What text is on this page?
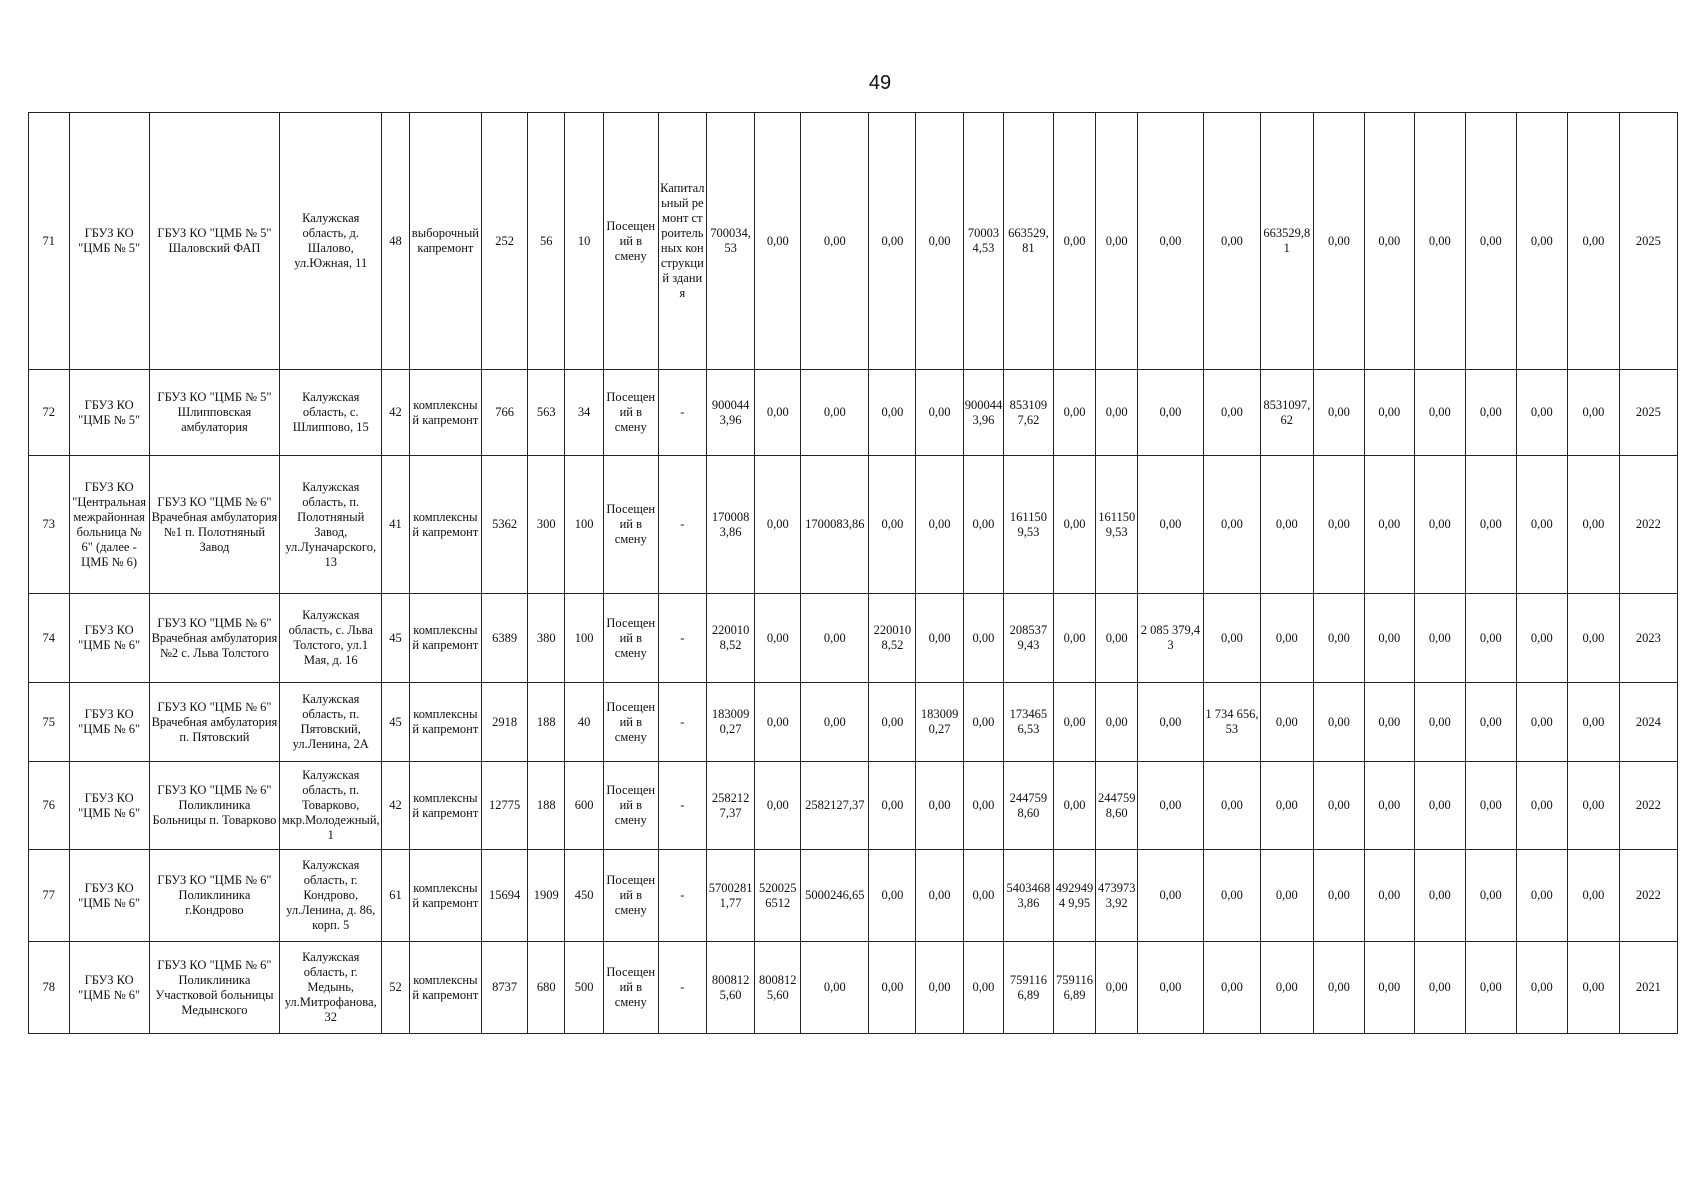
49
71	ГБУЗ КО "ЦМБ № 5"	ГБУЗ КО "ЦМБ № 5" Шаловский ФАП	Калужская область, д. Шалово, ул.Южная, 11	48	выборочный капремонт	252	56	10	Посещений в смену	Капитальный ремонт строительных конструкций здания	700034,53	0,00	0,00	0,00	0,00	700034,53	663529,81	0,00	0,00	0,00	0,00	663529,81	0,00	0,00	0,00	0,00	0,00	0,00	2025
72	ГБУЗ КО "ЦМБ № 5"	ГБУЗ КО "ЦМБ № 5" Шлипповская амбулатория	Калужская область, с. Шлиппово, 15	42	комплексный капремонт	766	563	34	Посещений в смену	-	9000443,96	0,00	0,00	0,00	0,00	9000443,96	8531097,62	0,00	0,00	0,00	0,00	8531097,62	0,00	0,00	0,00	0,00	0,00	0,00	2025
73	ГБУЗ КО "Центральная межрайонная больница № 6" (далее - ЦМБ № 6)	ГБУЗ КО "ЦМБ № 6" Врачебная амбулатория №1 п. Полотняный Завод	Калужская область, п. Полотняный Завод, ул.Луначарского, 13	41	комплексный капремонт	5362	300	100	Посещений в смену	-	1700083,86	0,00	1700083,86	0,00	0,00	0,00	1611509,53	0,00	1611509,53	0,00	0,00	0,00	0,00	0,00	0,00	0,00	0,00	0,00	2022
74	ГБУЗ КО "ЦМБ № 6"	ГБУЗ КО "ЦМБ № 6" Врачебная амбулатория №2 с. Льва Толстого	Калужская область, с. Льва Толстого, ул.1 Мая, д. 16	45	комплексный капремонт	6389	380	100	Посещений в смену	-	2200108,52	0,00	0,00	2200108,52	0,00	0,00	2085379,43	0,00	0,00	2 085 379,43	0,00	0,00	0,00	0,00	0,00	0,00	0,00	0,00	2023
75	ГБУЗ КО "ЦМБ № 6"	ГБУЗ КО "ЦМБ № 6" Врачебная амбулатория п. Пятовский	Калужская область, п. Пятовский, ул.Ленина, 2А	45	комплексный капремонт	2918	188	40	Посещений в смену	-	1830090,27	0,00	0,00	0,00	1830090,27	0,00	1734656,53	0,00	0,00	0,00	1 734 656,53	0,00	0,00	0,00	0,00	0,00	0,00	0,00	2024
76	ГБУЗ КО "ЦМБ № 6"	ГБУЗ КО "ЦМБ № 6" Поликлиника Больницы п. Товарково	Калужская область, п. Товарково, мкр.Молодежный, 1	42	комплексный капремонт	12775	188	600	Посещений в смену	-	2582127,37	0,00	2582127,37	0,00	0,00	0,00	2447598,60	0,00	2447598,60	0,00	0,00	0,00	0,00	0,00	0,00	0,00	0,00	0,00	2022
77	ГБУЗ КО "ЦМБ № 6"	ГБУЗ КО "ЦМБ № 6" Поликлиника г.Кондрово	Калужская область, г. Кондрово, ул.Ленина, д. 86, корп. 5	61	комплексный капремонт	15694	1909	450	Посещений в смену	-	57002811,77	5200256512	5000246,65	0,00	0,00	0,00	54034683,86	4929494 9,95	4739733,92	0,00	0,00	0,00	0,00	0,00	0,00	0,00	0,00	0,00	2022
78	ГБУЗ КО "ЦМБ № 6"	ГБУЗ КО "ЦМБ № 6" Поликлиника Участковой больницы Медынского	Калужская область, г. Медынь, ул.Митрофанова, 32	52	комплексный капремонт	8737	680	500	Посещений в смену	-	8008125,60	8008125,60	0,00	0,00	0,00	0,00	7591166,89	7591166,89	0,00	0,00	0,00	0,00	0,00	0,00	0,00	0,00	0,00	0,00	2021
